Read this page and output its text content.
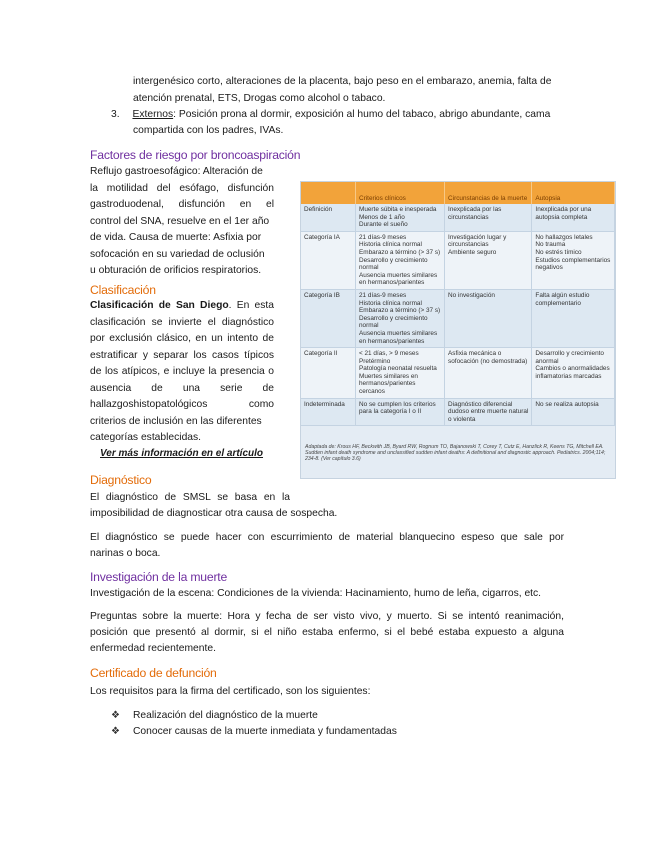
intergenésico corto, alteraciones de la placenta, bajo peso en el embarazo, anemia, falta de

atención prenatal, ETS, Drogas como alcohol o tabaco.

3. Externos: Posición prona al dormir, exposición al humo del tabaco, abrigo abundante, cama

compartida con los padres, IVAs.

Factores de riesgo por broncoaspiración
Reflujo gastroesofágico: Alteración de
la motilidad del esófago, disfunción
gastroduodenal, disfunción en el
control del SNA, resuelve en el 1er año
de vida. Causa de muerte: Asfixia por
sofocación en su variedad de oclusión
u obturación de orificios respiratorios.
Clasificación
Clasificación de San Diego. En esta
clasificación se invierte el diagnóstico
por exclusión clásico, en un intento de
estratificar y separar los casos típicos
de los atípicos, e incluye la presencia o
ausencia de una serie de
hallazgoshistopatológicos como
criterios de inclusión en las diferentes
categorías establecidas.
Ver más información en el artículo
	Criterios clínicos	Circunstancias de la muerte	Autopsia
Definición	Muerte súbita e inesperada
Menos de 1 año
Durante el sueño	Inexplicada por las circunstancias	Inexplicada por una autopsia completa
Categoría IA	21 días-9 meses
Historia clínica normal
Embarazo a término (> 37 s)
Desarrollo y crecimiento normal
Ausencia muertes similares en hermanos/parientes	Investigación lugar y circunstancias
Ambiente seguro	No hallazgos letales
No trauma
No estrés tímico
Estudios complementarios negativos
Categoría IB	21 días-9 meses
Historia clínica normal
Embarazo a término (> 37 s)
Desarrollo y crecimiento normal
Ausencia muertes similares en hermanos/parientes	No investigación	Falta algún estudio complementario
Categoría II	< 21 días, > 9 meses
Pretérmino
Patología neonatal resuelta
Muertes similares en hermanos/parientes cercanos	Asfixia mecánica o sofocación (no demostrada)	Desarrollo y crecimiento anormal
Cambios o anormalidades inflamatorias marcadas
Indeterminada	No se cumplen los criterios para la categoría I o II	Diagnóstico diferencial dudoso entre muerte natural o violenta	No se realiza autopsia
Adaptada de: Krous HF, Beckwith JB, Byard RW, Rognum TO, Bajanowski T, Corey T, Cutz E, Hanzlick R, Keens TG, Mitchell EA. Sudden infant death syndrome and unclassified sudden infant deaths: A definitional and diagnostic approach. Pediatrics. 2004;114; 234-8. (Ver capítulo 3.6)
Diagnóstico
El diagnóstico de SMSL se basa en la
imposibilidad de diagnosticar otra causa de sospecha.
El diagnóstico se puede hacer con escurrimiento de material blanquecino espeso que sale por
narinas o boca.
Investigación de la muerte
Investigación de la escena: Condiciones de la vivienda: Hacinamiento, humo de leña, cigarros, etc.
Preguntas sobre la muerte: Hora y fecha de ser visto vivo, y muerto. Si se intentó reanimación,
posición que presentó al dormir, si el niño estaba enfermo, si el bebé estaba expuesto a alguna
enfermedad recientemente.
Certificado de defunción
Los requisitos para la firma del certificado, son los siguientes:
❖	Realización del diagnóstico de la muerte
❖	Conocer causas de la muerte inmediata y fundamentadas
